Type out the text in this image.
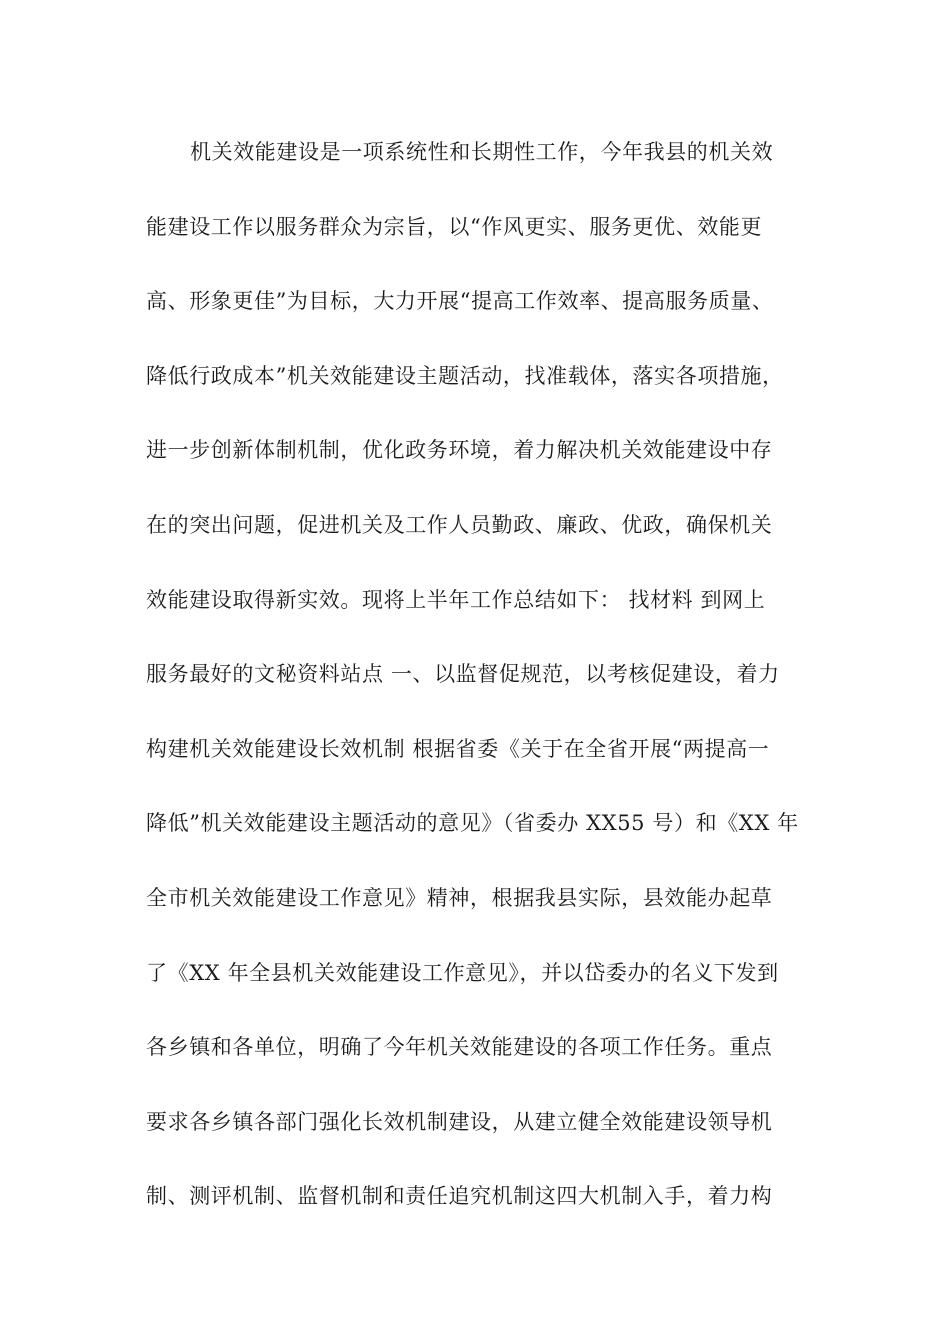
机关效能建设是一项系统性和长期性工作，今年我县的机关效
能建设工作以服务群众为宗旨，以“作风更实、服务更优、效能更
高、形象更佳”为目标，大力开展“提高工作效率、提高服务质量、
降低行政成本”机关效能建设主题活动，找准载体，落实各项措施，
进一步创新体制机制，优化政务环境，着力解决机关效能建设中存
在的突出问题，促进机关及工作人员勤政、廉政、优政，确保机关
效能建设取得新实效。现将上半年工作总结如下： 找材料 到网上
服务最好的文秘资料站点 一、以监督促规范，以考核促建设，着力
构建机关效能建设长效机制 根据省委《关于在全省开展“两提高一
降低”机关效能建设主题活动的意见》（省委办 XX55 号）和《XX 年
全市机关效能建设工作意见》精神，根据我县实际，县效能办起草
了《XX 年全县机关效能建设工作意见》，并以岱委办的名义下发到
各乡镇和各单位，明确了今年机关效能建设的各项工作任务。重点
要求各乡镇各部门强化长效机制建设，从建立健全效能建设领导机
制、测评机制、监督机制和责任追究机制这四大机制入手，着力构
